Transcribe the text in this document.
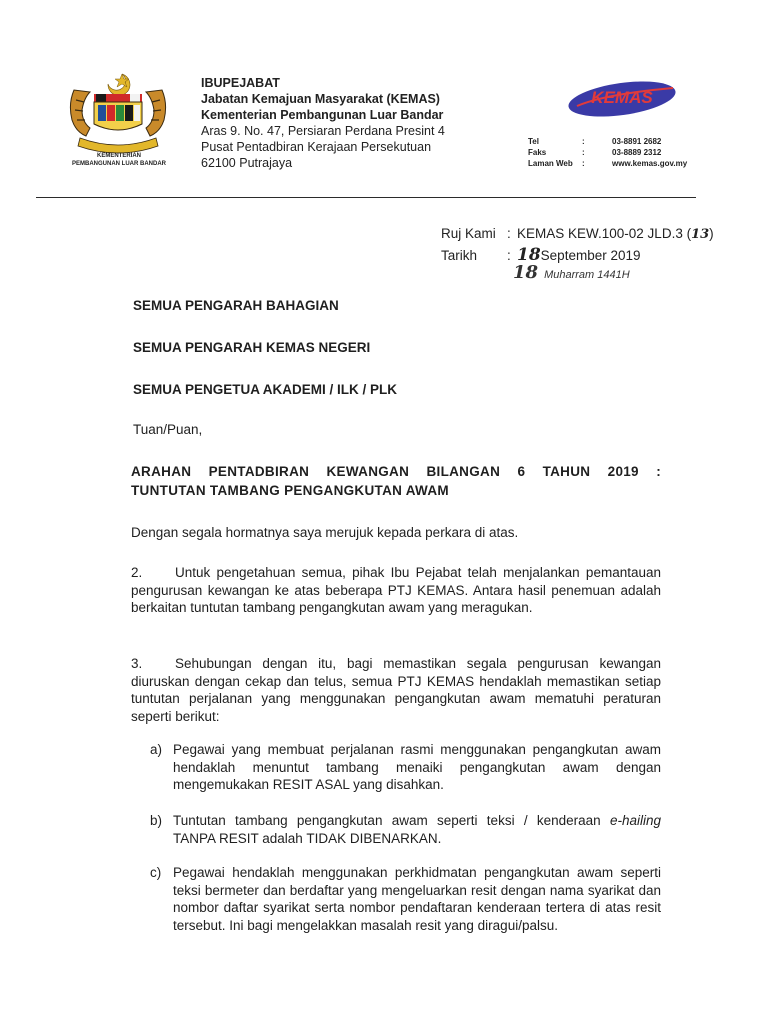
KEMENTERIAN
PEMBANGUNAN LUAR BANDAR
IBUPEJABAT
Jabatan Kemajuan Masyarakat (KEMAS)
Kementerian Pembangunan Luar Bandar
Aras 9. No. 47, Persiaran Perdana Presint 4
Pusat Pentadbiran Kerajaan Persekutuan
62100 Putrajaya
KEMAS
Tel	:	03-8891 2682
Faks	:	03-8889 2312
Laman Web	:	www.kemas.gov.my
Ruj Kami : KEMAS KEW.100-02 JLD.3 (13)
Tarikh : 18September 2019
18 Muharram 1441H
SEMUA PENGARAH BAHAGIAN
SEMUA PENGARAH KEMAS NEGERI
SEMUA PENGETUA AKADEMI / ILK / PLK
Tuan/Puan,
ARAHAN PENTADBIRAN KEWANGAN BILANGAN 6 TAHUN 2019 :
TUNTUTAN TAMBANG PENGANGKUTAN AWAM
Dengan segala hormatnya saya merujuk kepada perkara di atas.
2. Untuk pengetahuan semua, pihak Ibu Pejabat telah menjalankan pemantauan pengurusan kewangan ke atas beberapa PTJ KEMAS. Antara hasil penemuan adalah berkaitan tuntutan tambang pengangkutan awam yang meragukan.
3. Sehubungan dengan itu, bagi memastikan segala pengurusan kewangan diuruskan dengan cekap dan telus, semua PTJ KEMAS hendaklah memastikan setiap tuntutan perjalanan yang menggunakan pengangkutan awam mematuhi peraturan seperti berikut:
a) Pegawai yang membuat perjalanan rasmi menggunakan pengangkutan awam hendaklah menuntut tambang menaiki pengangkutan awam dengan mengemukakan RESIT ASAL yang disahkan.
b) Tuntutan tambang pengangkutan awam seperti teksi / kenderaan e-hailing TANPA RESIT adalah TIDAK DIBENARKAN.
c) Pegawai hendaklah menggunakan perkhidmatan pengangkutan awam seperti teksi bermeter dan berdaftar yang mengeluarkan resit dengan nama syarikat dan nombor daftar syarikat serta nombor pendaftaran kenderaan tertera di atas resit tersebut. Ini bagi mengelakkan masalah resit yang diragui/palsu.
